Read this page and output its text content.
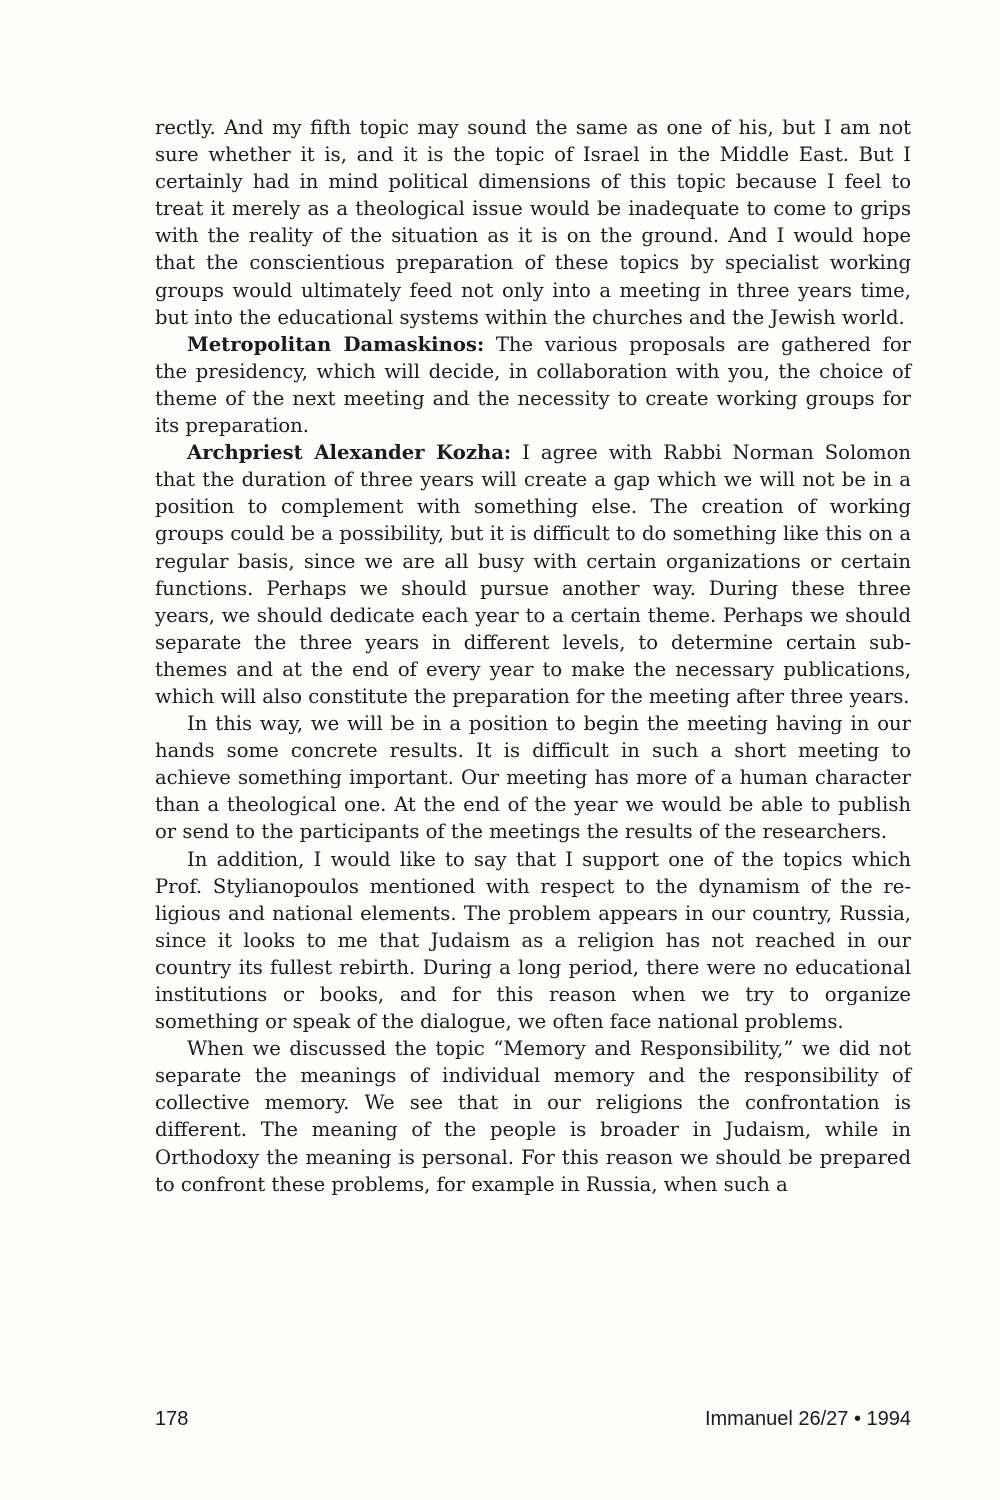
rectly. And my fifth topic may sound the same as one of his, but I am not sure whether it is, and it is the topic of Israel in the Middle East. But I certainly had in mind political dimensions of this topic because I feel to treat it merely as a theological issue would be inadequate to come to grips with the reality of the situation as it is on the ground. And I would hope that the conscientious preparation of these topics by specialist working groups would ultimately feed not only into a meeting in three years time, but into the educational systems within the churches and the Jewish world.

Metropolitan Damaskinos: The various proposals are gathered for the presidency, which will decide, in collaboration with you, the choice of theme of the next meeting and the necessity to create working groups for its preparation.

Archpriest Alexander Kozha: I agree with Rabbi Norman Solomon that the duration of three years will create a gap which we will not be in a position to complement with something else. The creation of working groups could be a possibility, but it is difficult to do something like this on a regular basis, since we are all busy with certain organizations or certain functions. Perhaps we should pursue another way. During these three years, we should dedicate each year to a certain theme. Perhaps we should separate the three years in different levels, to determine certain sub-themes and at the end of every year to make the necessary publications, which will also constitute the preparation for the meeting after three years.

In this way, we will be in a position to begin the meeting having in our hands some concrete results. It is difficult in such a short meeting to achieve something important. Our meeting has more of a human character than a theological one. At the end of the year we would be able to publish or send to the participants of the meetings the results of the researchers.

In addition, I would like to say that I support one of the topics which Prof. Stylianopoulos mentioned with respect to the dynamism of the religious and national elements. The problem appears in our country, Russia, since it looks to me that Judaism as a religion has not reached in our country its fullest rebirth. During a long period, there were no educational institutions or books, and for this reason when we try to organize something or speak of the dialogue, we often face national problems.

When we discussed the topic “Memory and Responsibility,” we did not separate the meanings of individual memory and the responsibility of collective memory. We see that in our religions the confrontation is different. The meaning of the people is broader in Judaism, while in Orthodoxy the meaning is personal. For this reason we should be prepared to confront these problems, for example in Russia, when such a

178	Immanuel 26/27 • 1994
